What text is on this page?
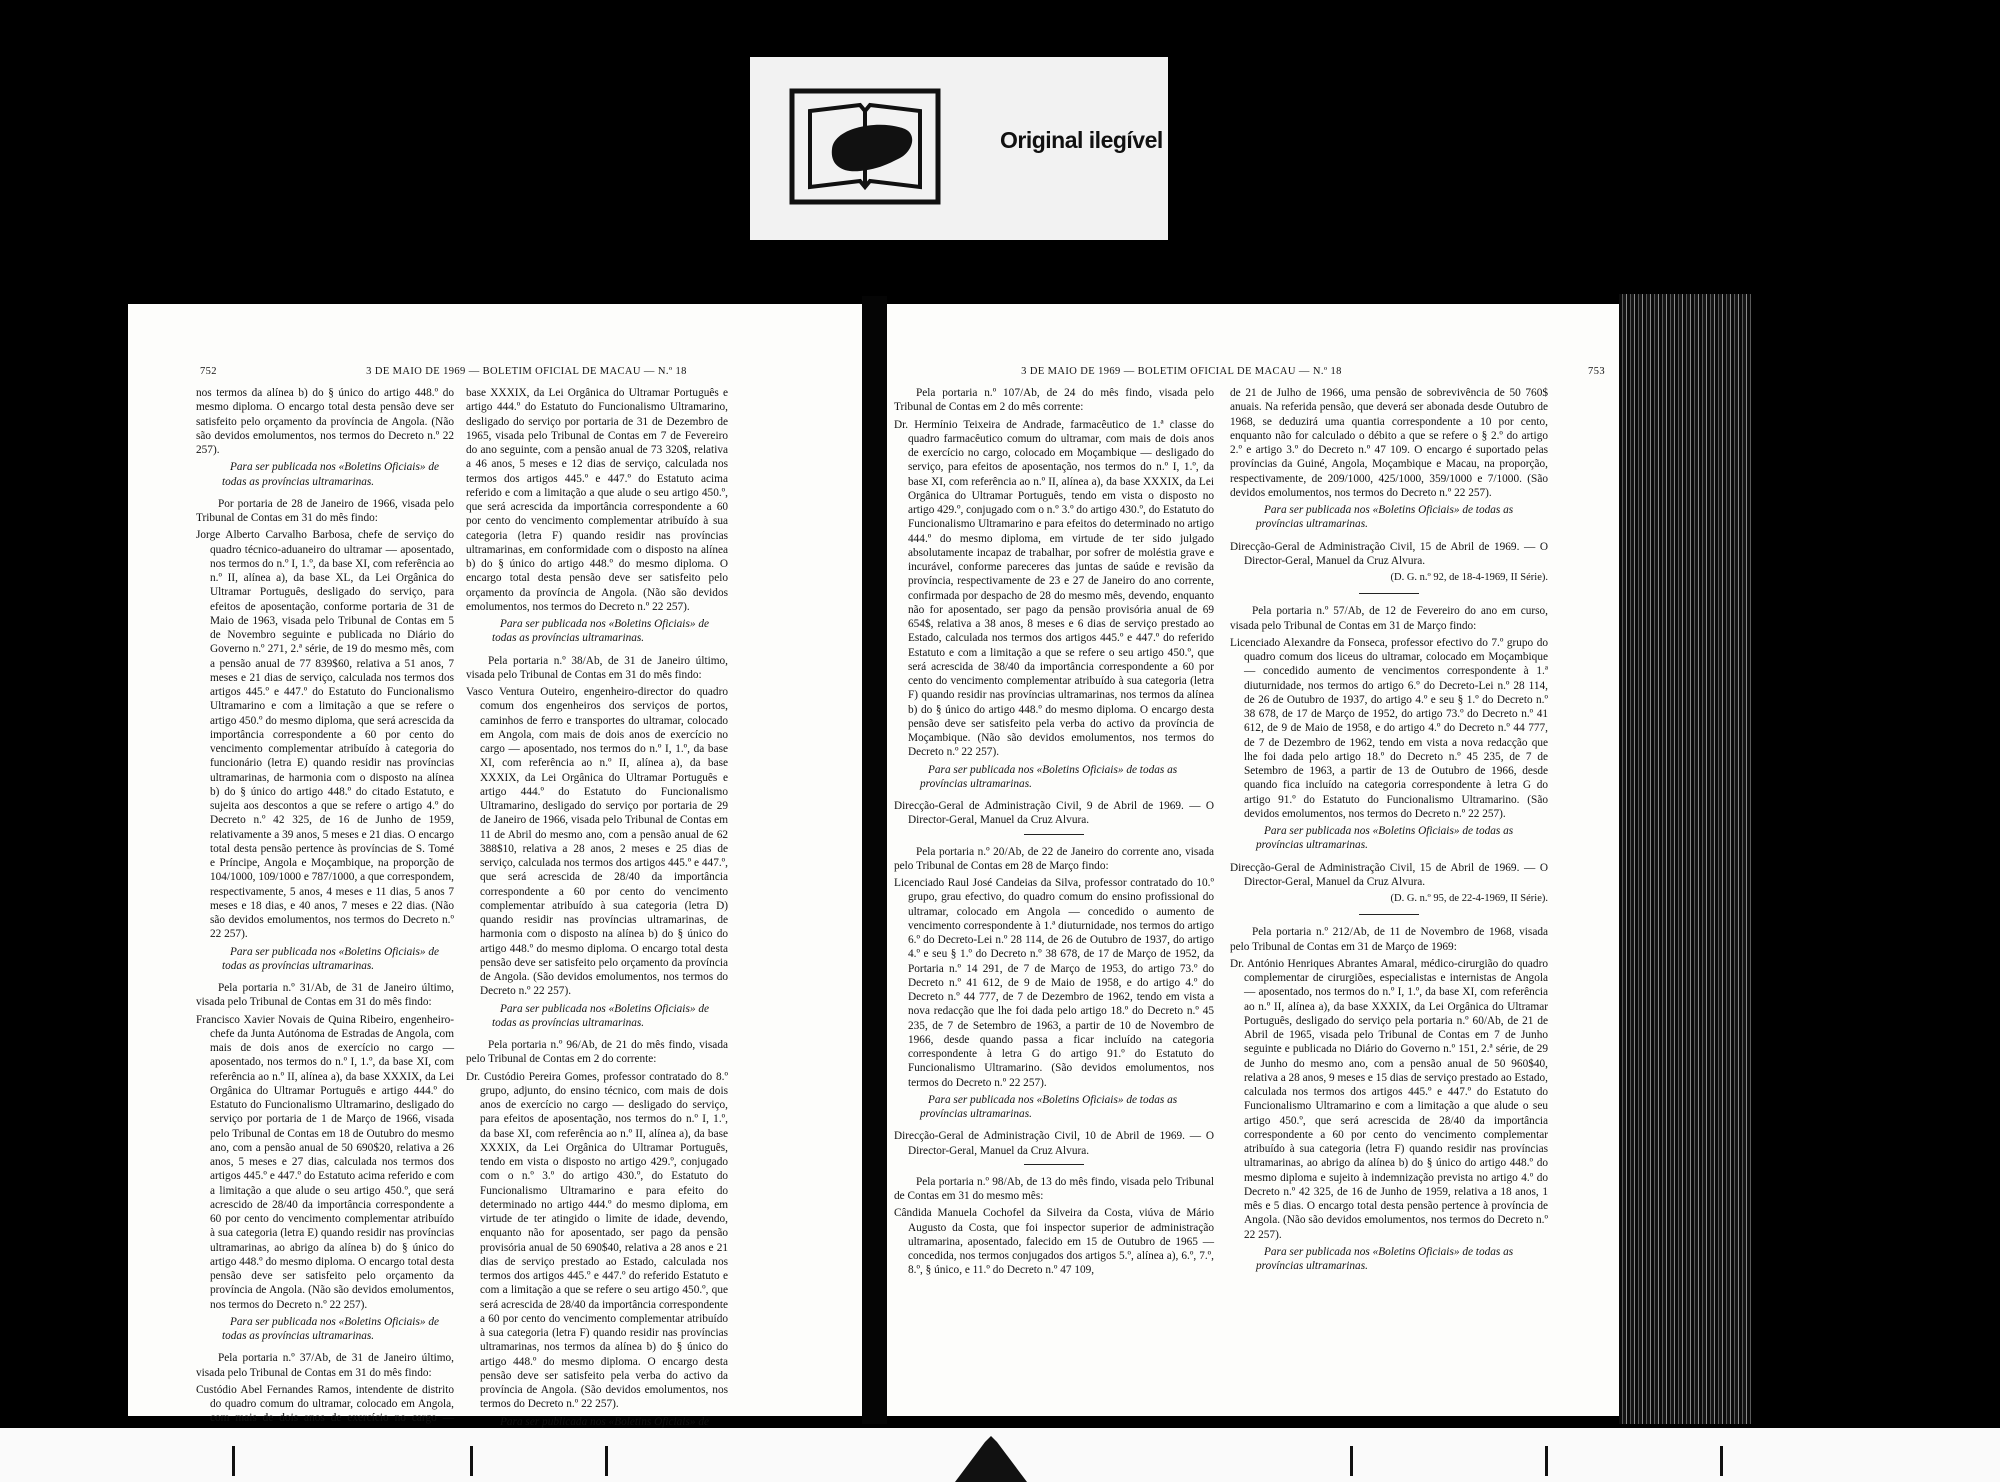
Original ilegível
752	3 DE MAIO DE 1969 — BOLETIM OFICIAL DE MACAU — N.º 18

nos termos da alínea b) do § único do artigo 448.º do mesmo diploma. O encargo total desta pensão deve ser satisfeito pelo orçamento da província de Angola. (Não são devidos emolumentos, nos termos do Decreto n.º 22 257).

Para ser publicada nos «Boletins Oficiais» de todas as províncias ultramarinas.

Por portaria de 28 de Janeiro de 1966, visada pelo Tribunal de Contas em 31 do mês findo:

Jorge Alberto Carvalho Barbosa, chefe de serviço do quadro técnico-aduaneiro do ultramar — aposentado, nos termos do n.º I, 1.º, da base XI, com referência ao n.º II, alínea a), da base XL, da Lei Orgânica do Ultramar Português, desligado do serviço, para efeitos de aposentação, conforme portaria de 31 de Maio de 1963, visada pelo Tribunal de Contas em 5 de Novembro seguinte e publicada no Diário do Governo n.º 271, 2.ª série, de 19 do mesmo mês, com a pensão anual de 77 839$60, relativa a 51 anos, 7 meses e 21 dias de serviço, calculada nos termos dos artigos 445.º e 447.º do Estatuto do Funcionalismo Ultramarino e com a limitação a que se refere o artigo 450.º do mesmo diploma, que será acrescida da importância correspondente a 60 por cento do vencimento complementar atribuído à categoria do funcionário (letra E) quando residir nas províncias ultramarinas, de harmonia com o disposto na alínea b) do § único do artigo 448.º do citado Estatuto, e sujeita aos descontos a que se refere o artigo 4.º do Decreto n.º 42 325, de 16 de Junho de 1959, relativamente a 39 anos, 5 meses e 21 dias. O encargo total desta pensão pertence às províncias de S. Tomé e Príncipe, Angola e Moçambique, na proporção de 104/1000, 109/1000 e 787/1000, a que correspondem, respectivamente, 5 anos, 4 meses e 11 dias, 5 anos 7 meses e 18 dias, e 40 anos, 7 meses e 22 dias. (Não são devidos emolumentos, nos termos do Decreto n.º 22 257).

Para ser publicada nos «Boletins Oficiais» de todas as províncias ultramarinas.

Pela portaria n.º 31/Ab, de 31 de Janeiro último, visada pelo Tribunal de Contas em 31 do mês findo:

Francisco Xavier Novais de Quina Ribeiro, engenheiro-chefe da Junta Autónoma de Estradas de Angola, com mais de dois anos de exercício no cargo — aposentado, nos termos do n.º I, 1.º, da base XI, com referência ao n.º II, alínea a), da base XXXIX, da Lei Orgânica do Ultramar Português e artigo 444.º do Estatuto do Funcionalismo Ultramarino, desligado do serviço por portaria de 1 de Março de 1966, visada pelo Tribunal de Contas em 18 de Outubro do mesmo ano, com a pensão anual de 50 690$20, relativa a 26 anos, 5 meses e 27 dias, calculada nos termos dos artigos 445.º e 447.º do Estatuto acima referido e com a limitação a que alude o seu artigo 450.º, que será acrescido de 28/40 da importância correspondente a 60 por cento do vencimento complementar atribuído à sua categoria (letra E) quando residir nas províncias ultramarinas, ao abrigo da alínea b) do § único do artigo 448.º do mesmo diploma. O encargo total desta pensão deve ser satisfeito pelo orçamento da província de Angola. (Não são devidos emolumentos, nos termos do Decreto n.º 22 257).

Para ser publicada nos «Boletins Oficiais» de todas as províncias ultramarinas.

Pela portaria n.º 37/Ab, de 31 de Janeiro último, visada pelo Tribunal de Contas em 31 do mês findo:

Custódio Abel Fernandes Ramos, intendente de distrito do quadro comum do ultramar, colocado em Angola, com mais de dois anos de exercício no cargo —

base XXXIX, da Lei Orgânica do Ultramar Português e artigo 444.º do Estatuto do Funcionalismo Ultramarino, desligado do serviço por portaria de 31 de Dezembro de 1965, visada pelo Tribunal de Contas em 7 de Fevereiro do ano seguinte, com a pensão anual de 73 320$, relativa a 46 anos, 5 meses e 12 dias de serviço, calculada nos termos dos artigos 445.º e 447.º do Estatuto acima referido e com a limitação a que alude o seu artigo 450.º, que será acrescida da importância correspondente a 60 por cento do vencimento complementar atribuído à sua categoria (letra F) quando residir nas províncias ultramarinas, em conformidade com o disposto na alínea b) do § único do artigo 448.º do mesmo diploma. O encargo total desta pensão deve ser satisfeito pelo orçamento da província de Angola. (Não são devidos emolumentos, nos termos do Decreto n.º 22 257).

Para ser publicada nos «Boletins Oficiais» de todas as províncias ultramarinas.

Pela portaria n.º 38/Ab, de 31 de Janeiro último, visada pelo Tribunal de Contas em 31 do mês findo:

Vasco Ventura Outeiro, engenheiro-director do quadro comum dos engenheiros dos serviços de portos, caminhos de ferro e transportes do ultramar, colocado em Angola, com mais de dois anos de exercício no cargo — aposentado, nos termos do n.º I, 1.º, da base XI, com referência ao n.º II, alínea a), da base XXXIX, da Lei Orgânica do Ultramar Português e artigo 444.º do Estatuto do Funcionalismo Ultramarino, desligado do serviço por portaria de 29 de Janeiro de 1966, visada pelo Tribunal de Contas em 11 de Abril do mesmo ano, com a pensão anual de 62 388$10, relativa a 28 anos, 2 meses e 25 dias de serviço, calculada nos termos dos artigos 445.º e 447.º, que será acrescida de 28/40 da importância correspondente a 60 por cento do vencimento complementar atribuído à sua categoria (letra D) quando residir nas províncias ultramarinas, de harmonia com o disposto na alínea b) do § único do artigo 448.º do mesmo diploma. O encargo total desta pensão deve ser satisfeito pelo orçamento da província de Angola. (São devidos emolumentos, nos termos do Decreto n.º 22 257).

Para ser publicada nos «Boletins Oficiais» de todas as províncias ultramarinas.

Pela portaria n.º 96/Ab, de 21 do mês findo, visada pelo Tribunal de Contas em 2 do corrente:

Dr. Custódio Pereira Gomes, professor contratado do 8.º grupo, adjunto, do ensino técnico, com mais de dois anos de exercício no cargo — desligado do serviço, para efeitos de aposentação, nos termos do n.º I, 1.º, da base XI, com referência ao n.º II, alínea a), da base XXXIX, da Lei Orgânica do Ultramar Português, tendo em vista o disposto no artigo 429.º, conjugado com o n.º 3.º do artigo 430.º, do Estatuto do Funcionalismo Ultramarino e para efeito do determinado no artigo 444.º do mesmo diploma, em virtude de ter atingido o limite de idade, devendo, enquanto não for aposentado, ser pago da pensão provisória anual de 50 690$40, relativa a 28 anos e 21 dias de serviço prestado ao Estado, calculada nos termos dos artigos 445.º e 447.º do referido Estatuto e com a limitação a que se refere o seu artigo 450.º, que será acrescida de 28/40 da importância correspondente a 60 por cento do vencimento complementar atribuído à sua categoria (letra F) quando residir nas províncias ultramarinas, nos termos da alínea b) do § único do artigo 448.º do mesmo diploma. O encargo desta pensão deve ser satisfeito pela verba do activo da província de Angola. (São devidos emolumentos, nos termos do Decreto n.º 22 257).

Para ser publicada nos «Boletins Oficiais» de

3 DE MAIO DE 1969 — BOLETIM OFICIAL DE MACAU — N.º 18	753

Pela portaria n.º 107/Ab, de 24 do mês findo, visada pelo Tribunal de Contas em 2 do mês corrente:

Dr. Hermínio Teixeira de Andrade, farmacêutico de 1.ª classe do quadro farmacêutico comum do ultramar, com mais de dois anos de exercício no cargo, colocado em Moçambique — desligado do serviço, para efeitos de aposentação, nos termos do n.º I, 1.º, da base XI, com referência ao n.º II, alínea a), da base XXXIX, da Lei Orgânica do Ultramar Português, tendo em vista o disposto no artigo 429.º, conjugado com o n.º 3.º do artigo 430.º, do Estatuto do Funcionalismo Ultramarino e para efeitos do determinado no artigo 444.º do mesmo diploma, em virtude de ter sido julgado absolutamente incapaz de trabalhar, por sofrer de moléstia grave e incurável, conforme pareceres das juntas de saúde e revisão da província, respectivamente de 23 e 27 de Janeiro do ano corrente, confirmada por despacho de 28 do mesmo mês, devendo, enquanto não for aposentado, ser pago da pensão provisória anual de 69 654$, relativa a 38 anos, 8 meses e 6 dias de serviço prestado ao Estado, calculada nos termos dos artigos 445.º e 447.º do referido Estatuto e com a limitação a que se refere o seu artigo 450.º, que será acrescida de 38/40 da importância correspondente a 60 por cento do vencimento complementar atribuído à sua categoria (letra F) quando residir nas províncias ultramarinas, nos termos da alínea b) do § único do artigo 448.º do mesmo diploma. O encargo desta pensão deve ser satisfeito pela verba do activo da província de Moçambique. (Não são devidos emolumentos, nos termos do Decreto n.º 22 257).

Para ser publicada nos «Boletins Oficiais» de todas as províncias ultramarinas.

Direcção-Geral de Administração Civil, 9 de Abril de 1969. — O Director-Geral, Manuel da Cruz Alvura.

Pela portaria n.º 20/Ab, de 22 de Janeiro do corrente ano, visada pelo Tribunal de Contas em 28 de Março findo:

Licenciado Raul José Candeias da Silva, professor contratado do 10.º grupo, grau efectivo, do quadro comum do ensino profissional do ultramar, colocado em Angola — concedido o aumento de vencimento correspondente à 1.ª diuturnidade, nos termos do artigo 6.º do Decreto-Lei n.º 28 114, de 26 de Outubro de 1937, do artigo 4.º e seu § 1.º do Decreto n.º 38 678, de 17 de Março de 1952, da Portaria n.º 14 291, de 7 de Março de 1953, do artigo 73.º do Decreto n.º 41 612, de 9 de Maio de 1958, e do artigo 4.º do Decreto n.º 44 777, de 7 de Dezembro de 1962, tendo em vista a nova redacção que lhe foi dada pelo artigo 18.º do Decreto n.º 45 235, de 7 de Setembro de 1963, a partir de 10 de Novembro de 1966, desde quando passa a ficar incluído na categoria correspondente à letra G do artigo 91.º do Estatuto do Funcionalismo Ultramarino. (São devidos emolumentos, nos termos do Decreto n.º 22 257).

Para ser publicada nos «Boletins Oficiais» de todas as províncias ultramarinas.

Direcção-Geral de Administração Civil, 10 de Abril de 1969. — O Director-Geral, Manuel da Cruz Alvura.

Pela portaria n.º 98/Ab, de 13 do mês findo, visada pelo Tribunal de Contas em 31 do mesmo mês:

Cândida Manuela Cochofel da Silveira da Costa, viúva de Mário Augusto da Costa, que foi inspector superior de administração ultramarina, aposentado, falecido em 15 de Outubro de 1965 — concedida, nos termos conjugados dos artigos 5.º, alínea a), 6.º, 7.º, 8.º, § único, e 11.º do Decreto n.º 47 109,

de 21 de Julho de 1966, uma pensão de sobrevivência de 50 760$ anuais. Na referida pensão, que deverá ser abonada desde Outubro de 1968, se deduzirá uma quantia correspondente a 10 por cento, enquanto não for calculado o débito a que se refere o § 2.º do artigo 2.º e artigo 3.º do Decreto n.º 47 109. O encargo é suportado pelas províncias da Guiné, Angola, Moçambique e Macau, na proporção, respectivamente, de 209/1000, 425/1000, 359/1000 e 7/1000. (São devidos emolumentos, nos termos do Decreto n.º 22 257).

Para ser publicada nos «Boletins Oficiais» de todas as províncias ultramarinas.

Direcção-Geral de Administração Civil, 15 de Abril de 1969. — O Director-Geral, Manuel da Cruz Alvura.

(D. G. n.º 92, de 18-4-1969, II Série).

Pela portaria n.º 57/Ab, de 12 de Fevereiro do ano em curso, visada pelo Tribunal de Contas em 31 de Março findo:

Licenciado Alexandre da Fonseca, professor efectivo do 7.º grupo do quadro comum dos liceus do ultramar, colocado em Moçambique — concedido aumento de vencimentos correspondente à 1.ª diuturnidade, nos termos do artigo 6.º do Decreto-Lei n.º 28 114, de 26 de Outubro de 1937, do artigo 4.º e seu § 1.º do Decreto n.º 38 678, de 17 de Março de 1952, do artigo 73.º do Decreto n.º 41 612, de 9 de Maio de 1958, e do artigo 4.º do Decreto n.º 44 777, de 7 de Dezembro de 1962, tendo em vista a nova redacção que lhe foi dada pelo artigo 18.º do Decreto n.º 45 235, de 7 de Setembro de 1963, a partir de 13 de Outubro de 1966, desde quando fica incluído na categoria correspondente à letra G do artigo 91.º do Estatuto do Funcionalismo Ultramarino. (São devidos emolumentos, nos termos do Decreto n.º 22 257).

Para ser publicada nos «Boletins Oficiais» de todas as províncias ultramarinas.

Direcção-Geral de Administração Civil, 15 de Abril de 1969. — O Director-Geral, Manuel da Cruz Alvura.

(D. G. n.º 95, de 22-4-1969, II Série).

Pela portaria n.º 212/Ab, de 11 de Novembro de 1968, visada pelo Tribunal de Contas em 31 de Março de 1969:

Dr. António Henriques Abrantes Amaral, médico-cirurgião do quadro complementar de cirurgiões, especialistas e internistas de Angola — aposentado, nos termos do n.º I, 1.º, da base XI, com referência ao n.º II, alínea a), da base XXXIX, da Lei Orgânica do Ultramar Português, desligado do serviço pela portaria n.º 60/Ab, de 21 de Abril de 1965, visada pelo Tribunal de Contas em 7 de Junho seguinte e publicada no Diário do Governo n.º 151, 2.ª série, de 29 de Junho do mesmo ano, com a pensão anual de 50 960$40, relativa a 28 anos, 9 meses e 15 dias de serviço prestado ao Estado, calculada nos termos dos artigos 445.º e 447.º do Estatuto do Funcionalismo Ultramarino e com a limitação a que alude o seu artigo 450.º, que será acrescida de 28/40 da importância correspondente a 60 por cento do vencimento complementar atribuído à sua categoria (letra F) quando residir nas províncias ultramarinas, ao abrigo da alínea b) do § único do artigo 448.º do mesmo diploma e sujeito à indemnização prevista no artigo 4.º do Decreto n.º 42 325, de 16 de Junho de 1959, relativa a 18 anos, 1 mês e 5 dias. O encargo total desta pensão pertence à província de Angola. (Não são devidos emolumentos, nos termos do Decreto n.º 22 257).

Para ser publicada nos «Boletins Oficiais» de todas as províncias ultramarinas.
